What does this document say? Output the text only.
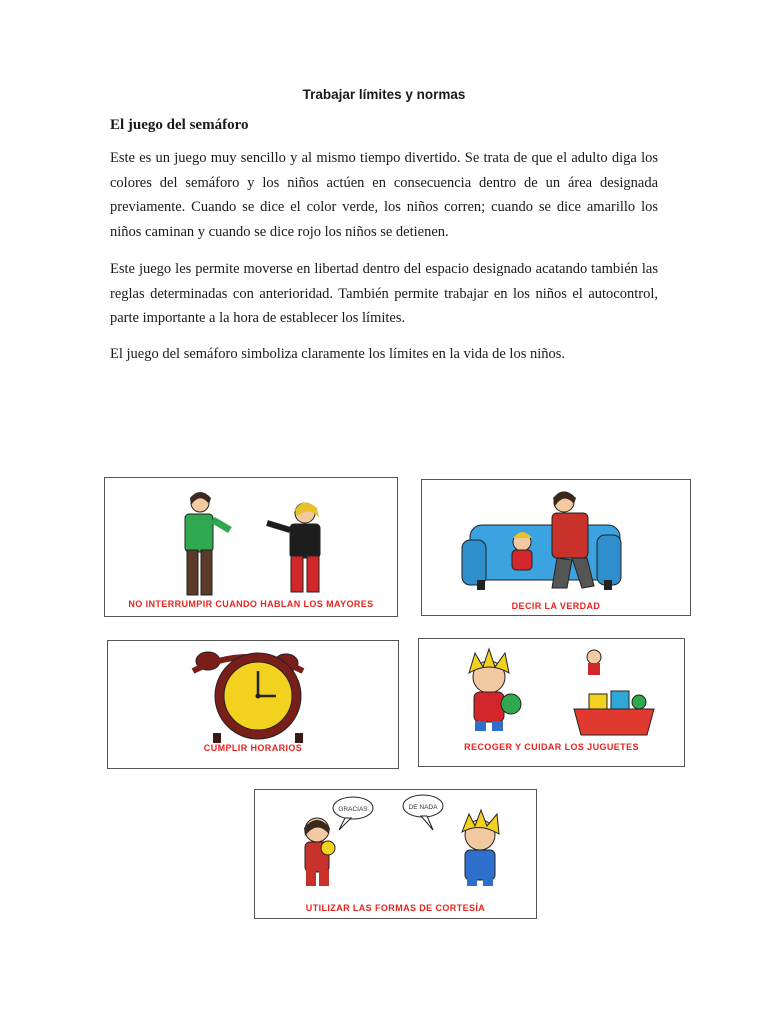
Trabajar límites y normas
El juego del semáforo
Este es un juego muy sencillo y al mismo tiempo divertido. Se trata de que el adulto diga los colores del semáforo y los niños actúen en consecuencia dentro de un área designada previamente. Cuando se dice el color verde, los niños corren; cuando se dice amarillo los niños caminan y cuando se dice rojo los niños se detienen.
Este juego les permite moverse en libertad dentro del espacio designado acatando también las reglas determinadas con anterioridad. También permite trabajar en los niños el autocontrol, parte importante a la hora de establecer los límites.
El juego del semáforo simboliza claramente los límites en la vida de los niños.
NO INTERRUMPIR CUANDO HABLAN LOS MAYORES	DECIR LA VERDAD
CUMPLIR HORARIOS	RECOGER Y CUIDAR LOS JUGUETES
GRACIAS	DE NADA
UTILIZAR LAS FORMAS DE CORTESÍA
